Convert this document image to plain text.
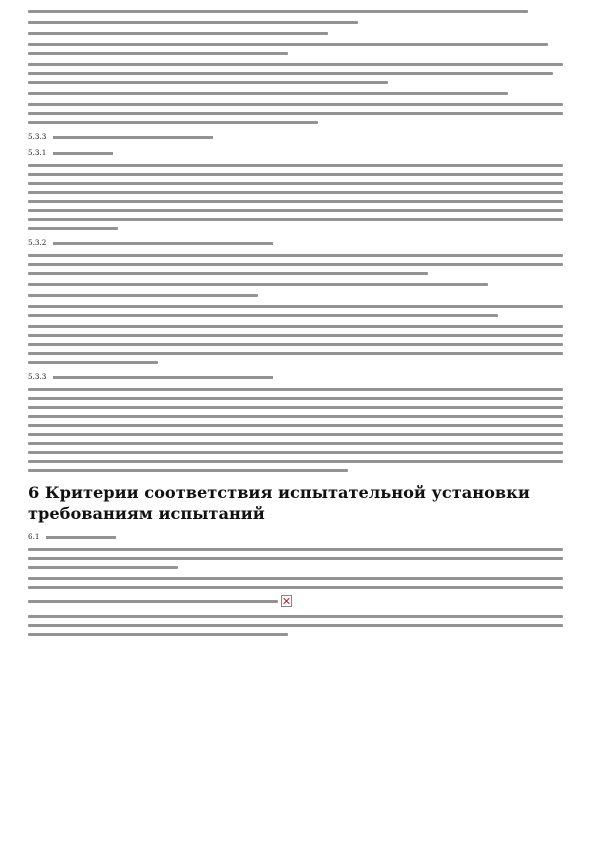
5.3.3
5.3.1
5.3.2
5.3.3
6 Критерии соответствия испытательной установки требованиям испытаний
6.1
